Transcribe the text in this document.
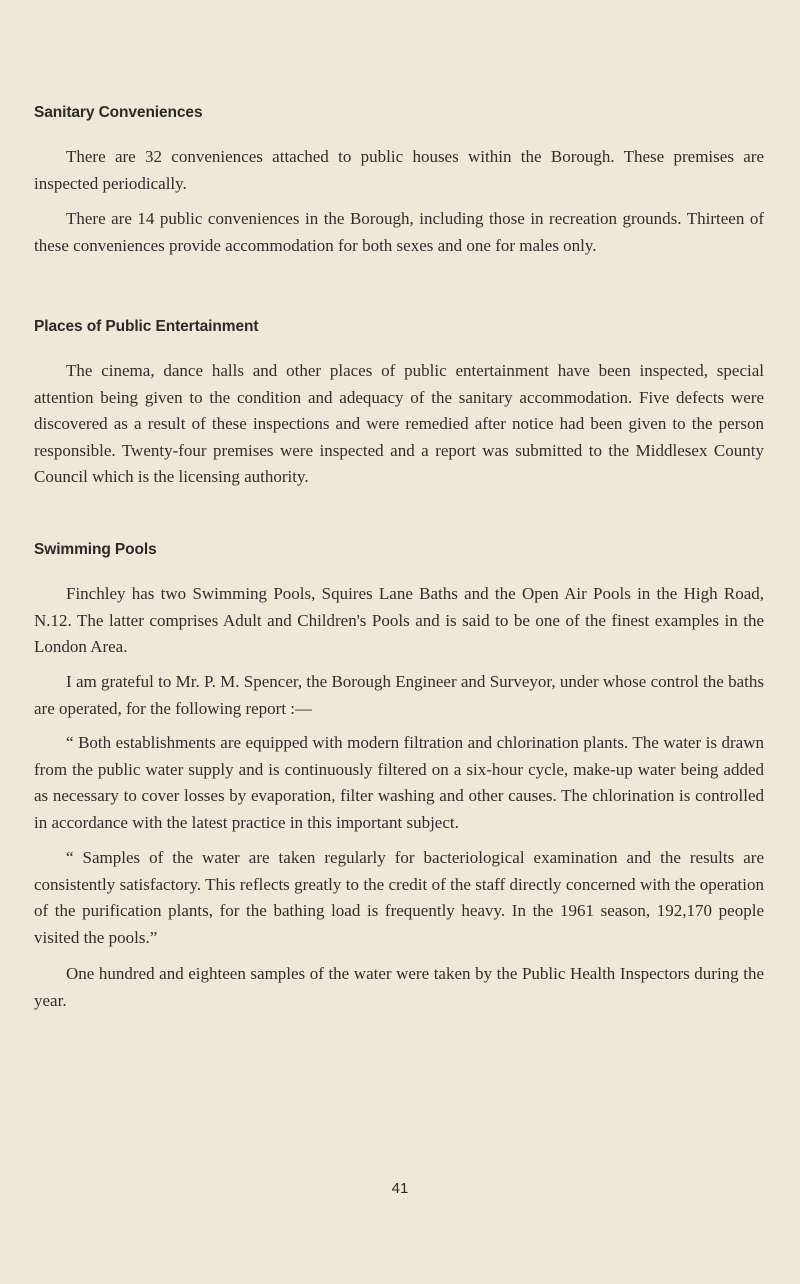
Sanitary Conveniences

There are 32 conveniences attached to public houses within the Borough. These premises are inspected periodically.

There are 14 public conveniences in the Borough, including those in recreation grounds. Thirteen of these conveniences provide accommodation for both sexes and one for males only.

Places of Public Entertainment

The cinema, dance halls and other places of public entertainment have been inspected, special attention being given to the condition and adequacy of the sanitary accommodation. Five defects were discovered as a result of these inspections and were remedied after notice had been given to the person responsible. Twenty-four premises were inspected and a report was submitted to the Middlesex County Council which is the licensing authority.

Swimming Pools

Finchley has two Swimming Pools, Squires Lane Baths and the Open Air Pools in the High Road, N.12. The latter comprises Adult and Children's Pools and is said to be one of the finest examples in the London Area.

I am grateful to Mr. P. M. Spencer, the Borough Engineer and Surveyor, under whose control the baths are operated, for the following report :—

“ Both establishments are equipped with modern filtration and chlorination plants. The water is drawn from the public water supply and is continuously filtered on a six-hour cycle, make-up water being added as necessary to cover losses by evaporation, filter washing and other causes. The chlorination is controlled in accordance with the latest practice in this important subject.

“ Samples of the water are taken regularly for bacteriological examination and the results are consistently satisfactory. This reflects greatly to the credit of the staff directly concerned with the operation of the purification plants, for the bathing load is frequently heavy. In the 1961 season, 192,170 people visited the pools.”

One hundred and eighteen samples of the water were taken by the Public Health Inspectors during the year.

41
